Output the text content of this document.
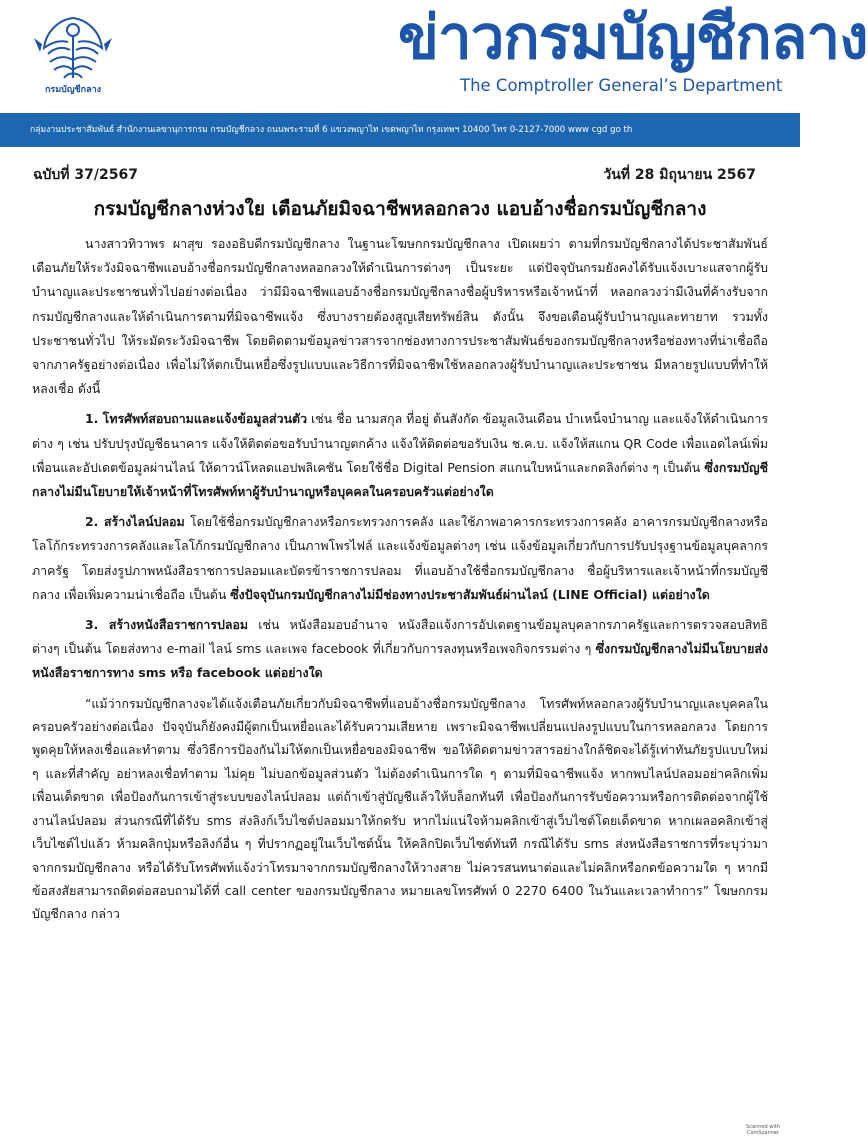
กรมบัญชีกลาง
ข่าวกรมบัญชีกลาง
The Comptroller General’s Department
กลุ่มงานประชาสัมพันธ์ สำนักงานเลขานุการกรม กรมบัญชีกลาง ถนนพระรามที่ 6 แขวงพญาไท เขตพญาไท กรุงเทพฯ 10400 โทร 0-2127-7000 www cgd go th
ฉบับที่ 37/2567	วันที่ 28 มิถุนายน 2567
กรมบัญชีกลางห่วงใย เตือนภัยมิจฉาชีพหลอกลวง แอบอ้างชื่อกรมบัญชีกลาง

นางสาวทิวาพร ผาสุข รองอธิบดีกรมบัญชีกลาง ในฐานะโฆษกกรมบัญชีกลาง เปิดเผยว่า ตามที่กรมบัญชีกลางได้ประชาสัมพันธ์เตือนภัยให้ระวังมิจฉาชีพแอบอ้างชื่อกรมบัญชีกลางหลอกลวงให้ดำเนินการต่างๆ เป็นระยะ แต่ปัจจุบันกรมยังคงได้รับแจ้งเบาะแสจากผู้รับบำนาญและประชาชนทั่วไปอย่างต่อเนื่อง ว่ามีมิจฉาชีพแอบอ้างชื่อกรมบัญชีกลางชื่อผู้บริหารหรือเจ้าหน้าที่ หลอกลวงว่ามีเงินที่ค้างรับจากกรมบัญชีกลางและให้ดำเนินการตามที่มิจฉาชีพแจ้ง ซึ่งบางรายต้องสูญเสียทรัพย์สิน ดังนั้น จึงขอเตือนผู้รับบำนาญและทายาท รวมทั้งประชาชนทั่วไป ให้ระมัดระวังมิจฉาชีพ โดยติดตามข้อมูลข่าวสารจากช่องทางการประชาสัมพันธ์ของกรมบัญชีกลางหรือช่องทางที่น่าเชื่อถือจากภาครัฐอย่างต่อเนื่อง เพื่อไม่ให้ตกเป็นเหยื่อซึ่งรูปแบบและวิธีการที่มิจฉาชีพใช้หลอกลวงผู้รับบำนาญและประชาชน มีหลายรูปแบบที่ทำให้หลงเชื่อ ดังนี้

1. โทรศัพท์สอบถามและแจ้งข้อมูลส่วนตัว เช่น ชื่อ นามสกุล ที่อยู่ ต้นสังกัด ข้อมูลเงินเดือน บำเหน็จบำนาญ และแจ้งให้ดำเนินการต่าง ๆ เช่น ปรับปรุงบัญชีธนาคาร แจ้งให้ติดต่อขอรับบำนาญตกค้าง แจ้งให้ติดต่อขอรับเงิน ช.ค.บ. แจ้งให้สแกน QR Code เพื่อแอดไลน์เพิ่มเพื่อนและอัปเดตข้อมูลผ่านไลน์ ให้ดาวน์โหลดแอปพลิเคชัน โดยใช้ชื่อ Digital Pension สแกนใบหน้าและกดลิงก์ต่าง ๆ เป็นต้น ซึ่งกรมบัญชีกลางไม่มีนโยบายให้เจ้าหน้าที่โทรศัพท์หาผู้รับบำนาญหรือบุคคลในครอบครัวแต่อย่างใด

2. สร้างไลน์ปลอม โดยใช้ชื่อกรมบัญชีกลางหรือกระทรวงการคลัง และใช้ภาพอาคารกระทรวงการคลัง อาคารกรมบัญชีกลางหรือโลโก้กระทรวงการคลังและโลโก้กรมบัญชีกลาง เป็นภาพโพรไฟล์ และแจ้งข้อมูลต่างๆ เช่น แจ้งข้อมูลเกี่ยวกับการปรับปรุงฐานข้อมูลบุคลากรภาครัฐ โดยส่งรูปภาพหนังสือราชการปลอมและบัตรข้าราชการปลอม ที่แอบอ้างใช้ชื่อกรมบัญชีกลาง ชื่อผู้บริหารและเจ้าหน้าที่กรมบัญชีกลาง เพื่อเพิ่มความน่าเชื่อถือ เป็นต้น ซึ่งปัจจุบันกรมบัญชีกลางไม่มีช่องทางประชาสัมพันธ์ผ่านไลน์ (LINE Official) แต่อย่างใด

3. สร้างหนังสือราชการปลอม เช่น หนังสือมอบอำนาจ หนังสือแจ้งการอัปเดตฐานข้อมูลบุคลากรภาครัฐและการตรวจสอบสิทธิต่างๆ เป็นต้น โดยส่งทาง e-mail ไลน์ sms และเพจ facebook ที่เกี่ยวกับการลงทุนหรือเพจกิจกรรมต่าง ๆ ซึ่งกรมบัญชีกลางไม่มีนโยบายส่งหนังสือราชการทาง sms หรือ facebook แต่อย่างใด

“แม้ว่ากรมบัญชีกลางจะได้แจ้งเตือนภัยเกี่ยวกับมิจฉาชีพที่แอบอ้างชื่อกรมบัญชีกลาง โทรศัพท์หลอกลวงผู้รับบำนาญและบุคคลในครอบครัวอย่างต่อเนื่อง ปัจจุบันก็ยังคงมีผู้ตกเป็นเหยื่อและได้รับความเสียหาย เพราะมิจฉาชีพเปลี่ยนแปลงรูปแบบในการหลอกลวง โดยการพูดคุยให้หลงเชื่อและทำตาม ซึ่งวิธีการป้องกันไม่ให้ตกเป็นเหยื่อของมิจฉาชีพ ขอให้ติดตามข่าวสารอย่างใกล้ชิดจะได้รู้เท่าทันภัยรูปแบบใหม่ ๆ และที่สำคัญ อย่าหลงเชื่อทำตาม ไม่คุย ไม่บอกข้อมูลส่วนตัว ไม่ต้องดำเนินการใด ๆ ตามที่มิจฉาชีพแจ้ง หากพบไลน์ปลอมอย่าคลิกเพิ่มเพื่อนเด็ดขาด เพื่อป้องกันการเข้าสู่ระบบของไลน์ปลอม แต่ถ้าเข้าสู่บัญชีแล้วให้บล็อกทันที เพื่อป้องกันการรับข้อความหรือการติดต่อจากผู้ใช้งานไลน์ปลอม ส่วนกรณีที่ได้รับ sms ส่งลิงก์เว็บไซต์ปลอมมาให้กดรับ หากไม่แน่ใจห้ามคลิกเข้าสู่เว็บไซต์โดยเด็ดขาด หากเผลอคลิกเข้าสู่เว็บไซต์ไปแล้ว ห้ามคลิกปุ่มหรือลิงก์อื่น ๆ ที่ปรากฏอยู่ในเว็บไซต์นั้น ให้คลิกปิดเว็บไซต์ทันที กรณีได้รับ sms ส่งหนังสือราชการที่ระบุว่ามาจากกรมบัญชีกลาง หรือได้รับโทรศัพท์แจ้งว่าโทรมาจากกรมบัญชีกลางให้วางสาย ไม่ควรสนทนาต่อและไม่คลิกหรือกดข้อความใด ๆ หากมีข้อสงสัยสามารถติดต่อสอบถามได้ที่ call center ของกรมบัญชีกลาง หมายเลขโทรศัพท์ 0 2270 6400 ในวันและเวลาทำการ” โฆษกกรมบัญชีกลาง กล่าว

Scanned with CamScanner
